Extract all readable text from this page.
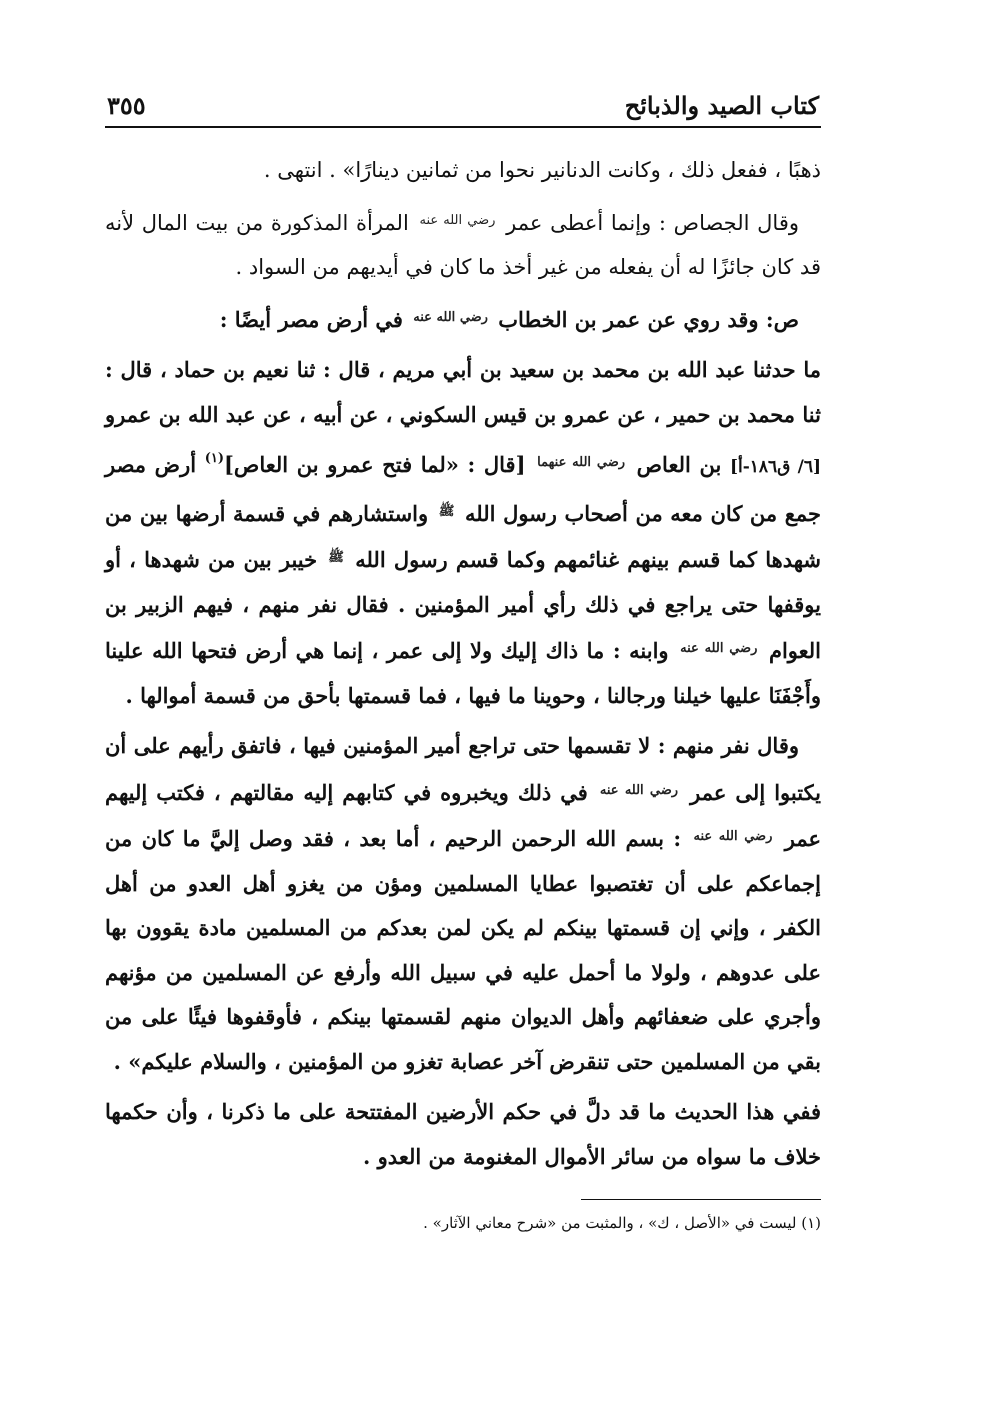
كتاب الصيد والذبائح
٣٥٥

ذهبًا ، ففعل ذلك ، وكانت الدنانير نحوا من ثمانين دينارًا» . انتهى .

وقال الجصاص : وإنما أعطى عمر $^{رضي الله عنه}$ المرأة المذكورة من بيت المال لأنه قد كان جائزًا له أن يفعله من غير أخذ ما كان في أيديهم من السواد .

ص: وقد روي عن عمر بن الخطاب $^{رضي الله عنه}$ في أرض مصر أيضًا :

ما حدثنا عبد الله بن محمد بن سعيد بن أبي مريم ، قال : ثنا نعيم بن حماد ، قال : ثنا محمد بن حمير ، عن عمرو بن قيس السكوني ، عن أبيه ، عن عبد الله بن عمرو [٦/ ق١٨٦-أ] بن العاص $^{رضي الله عنهما}$ [قال : «لما فتح عمرو بن العاص]$^{(١)}$ أرض مصر جمع من كان معه من أصحاب رسول الله $^ﷺ$ واستشارهم في قسمة أرضها بين من شهدها كما قسم بينهم غنائمهم وكما قسم رسول الله $^ﷺ$ خيبر بين من شهدها ، أو يوقفها حتى يراجع في ذلك رأي أمير المؤمنين . فقال نفر منهم ، فيهم الزبير بن العوام $^{رضي الله عنه}$ وابنه : ما ذاك إليك ولا إلى عمر ، إنما هي أرض فتحها الله علينا وأَجْفَنَا عليها خيلنا ورجالنا ، وحوينا ما فيها ، فما قسمتها بأحق من قسمة أموالها .

وقال نفر منهم : لا تقسمها حتى تراجع أمير المؤمنين فيها ، فاتفق رأيهم على أن يكتبوا إلى عمر $^{رضي الله عنه}$ في ذلك ويخبروه في كتابهم إليه مقالتهم ، فكتب إليهم عمر $^{رضي الله عنه}$ : بسم الله الرحمن الرحيم ، أما بعد ، فقد وصل إليَّ ما كان من إجماعكم على أن تغتصبوا عطايا المسلمين ومؤن من يغزو أهل العدو من أهل الكفر ، وإني إن قسمتها بينكم لم يكن لمن بعدكم من المسلمين مادة يقوون بها على عدوهم ، ولولا ما أحمل عليه في سبيل الله وأرفع عن المسلمين من مؤنهم وأجري على ضعفائهم وأهل الديوان منهم لقسمتها بينكم ، فأوقفوها فيئًا على من بقي من المسلمين حتى تنقرض آخر عصابة تغزو من المؤمنين ، والسلام عليكم» .

ففي هذا الحديث ما قد دلَّ في حكم الأرضين المفتتحة على ما ذكرنا ، وأن حكمها خلاف ما سواه من سائر الأموال المغنومة من العدو .

(١) ليست في «الأصل ، ك» ، والمثبت من «شرح معاني الآثار» .
